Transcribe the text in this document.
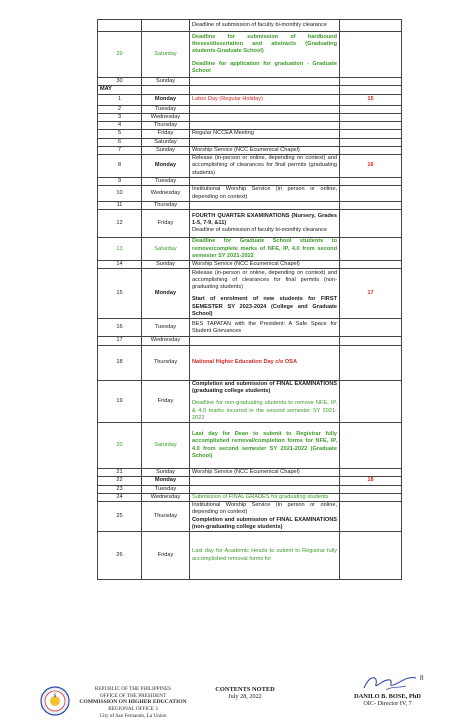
		Deadline of submission of faculty bi-monthly clearance	

29	Saturday	Deadline for submission of hardbound theses/dissertation and abstracts (Graduating students-Graduate School)
Deadline for application for graduation - Graduate School	

30	Sunday		
MAY			
1	Monday	Labor Day (Regular Holiday)	15
2	Tuesday		
3	Wednesday		
4	Thursday		
5	Friday	Regular NCCEA Meeting	

6	Saturday		
7	Sunday	Worship Service (NCC Ecumenical Chapel)	

8	Monday	Release (in-person or online, depending on context) and accomplishing of clearances for final permits (graduating students)	16
9	Tuesday		
10	Wednesday	Institutional Worship Service (in person or online, depending on context)	

11	Thursday		
12	Friday	FOURTH QUARTER EXAMINATIONS (Nursery, Grades 1-5, 7-9, &11)
Deadline of submission of faculty bi-monthly clearance	

13	Saturday	Deadline for Graduate School students to remove/complete marks of NFE, IP, 4.0 from second semester SY 2021-2022	

14	Sunday	Worship Service (NCC Ecumenical Chapel)	

15	Monday	Release (in-person or online, depending on context) and accomplishing of clearances for final permits (non-graduating students)
Start of enrolment of new students for FIRST SEMESTER SY 2023-2024 (College and Graduate School)	17
16	Tuesday	BES TAPATAN with the President: A Safe Space for Student Grievances	

17	Wednesday		
18	Thursday	National Higher Education Day c/o OSA	

19	Friday	Completion and submission of FINAL EXAMINATIONS (graduating college students)
Deadline for non-graduating students to remove NFE, IP, & 4.0 marks incurred in the second semester SY 2021-2022	

20	Saturday	Last day for Dean to submit to Registrar fully accomplished removal/completion forms for NFE, IP, 4.0 from second semester SY 2021-2022 (Graduate School)	

21	Sunday	Worship Service (NCC Ecumenical Chapel)	

22	Monday		18
23	Tuesday		
24	Wednesday	Submission of FINAL GRADES for graduating students	

25	Thursday	Institutional Worship Service (in person or online, depending on context)
Completion and submission of FINAL EXAMINATIONS (non-graduating college students)	

26	Friday	Last day for Academic Heads to submit to Registrar fully accomplished removal forms for	

8
REPUBLIC OF THE PHILIPPINES
OFFICE OF THE PRESIDENT
COMMISSION ON HIGHER EDUCATION
REGIONAL OFFICE 3
City of San Fernando, La Union
CONTENTS NOTED
July 28, 2022	DANILO B. BOSE, PhD
OIC- Director IV, 7
